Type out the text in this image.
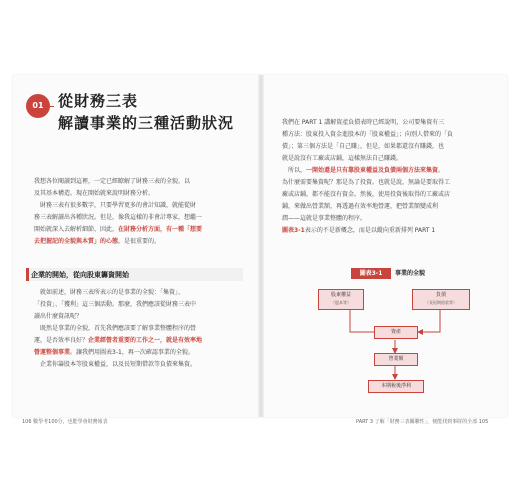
01 從財務三表
解讀事業的三種活動狀況
我想各位閱讀到這裡，一定已經瞭解了財務三表的全貌，以
及其基本構造。現在開始就來說明財務分析。
財務三表有很多數字，只要學習更多的會計知識，就能從財
務三表解讀出各種狀況。但是，像我這樣的非會計專家，想繼一
開始就深入去解析細節，因此，在財務分析方面，有一種「想要
去把握記的全貌與本質」的心態，是很重要的。
企業的開始，從向股東籌資開始
就如前述，財務三表所表示的是事業的全貌：「集資」、
「投資」、「獲利」這三個活動。那麼，我們應該從財務三表中
讀出什麼資訊呢？
既然是事業的全貌，首先我們應該要了解事業整體程序的營
運，是否效率良好？企業經營者重要的工作之一，就是有效率地
營運整個事業。讓我們用圖表3-1，再一次確認事業的全貌。
企業你籌股本等股東權益，以及長短期借款等負債來集資。
106 數學考100分，也能學會財務報表
我們在 PART 1 講解資產負債表時已經說明，公司要集資有三
種方法：股東投入資金進股本的「股東權益」；向別人借來的「負
債」；第三個方法是「自己賺」，但是，如果都還沒有賺錢，也
就是說沒有工廠或店鋪，這樣無法自己賺錢。
所以，一開始還是只有靠股東權益及負債兩個方法來集資。
為什麼需要集資呢？那是為了投資。也就是說，無論是要取得工
廠或店鋪，都不能沒有資金。然後，使用投資後取得的工廠或店
鋪，來做出營業額，再透過有效率地營運，把營業額變成利
潤——這就是事業整體的程序。
圖表3-1表示的不是新概念，而是以縱向重新排列 PART 1
圖表3-1	事業的全貌
股東權益
（股本等）
負債
（長短期借款等）
資產
營業額
本期稅後淨利
PART 3 了解「財務三表關聯性」，便能找到事財的全部 105
